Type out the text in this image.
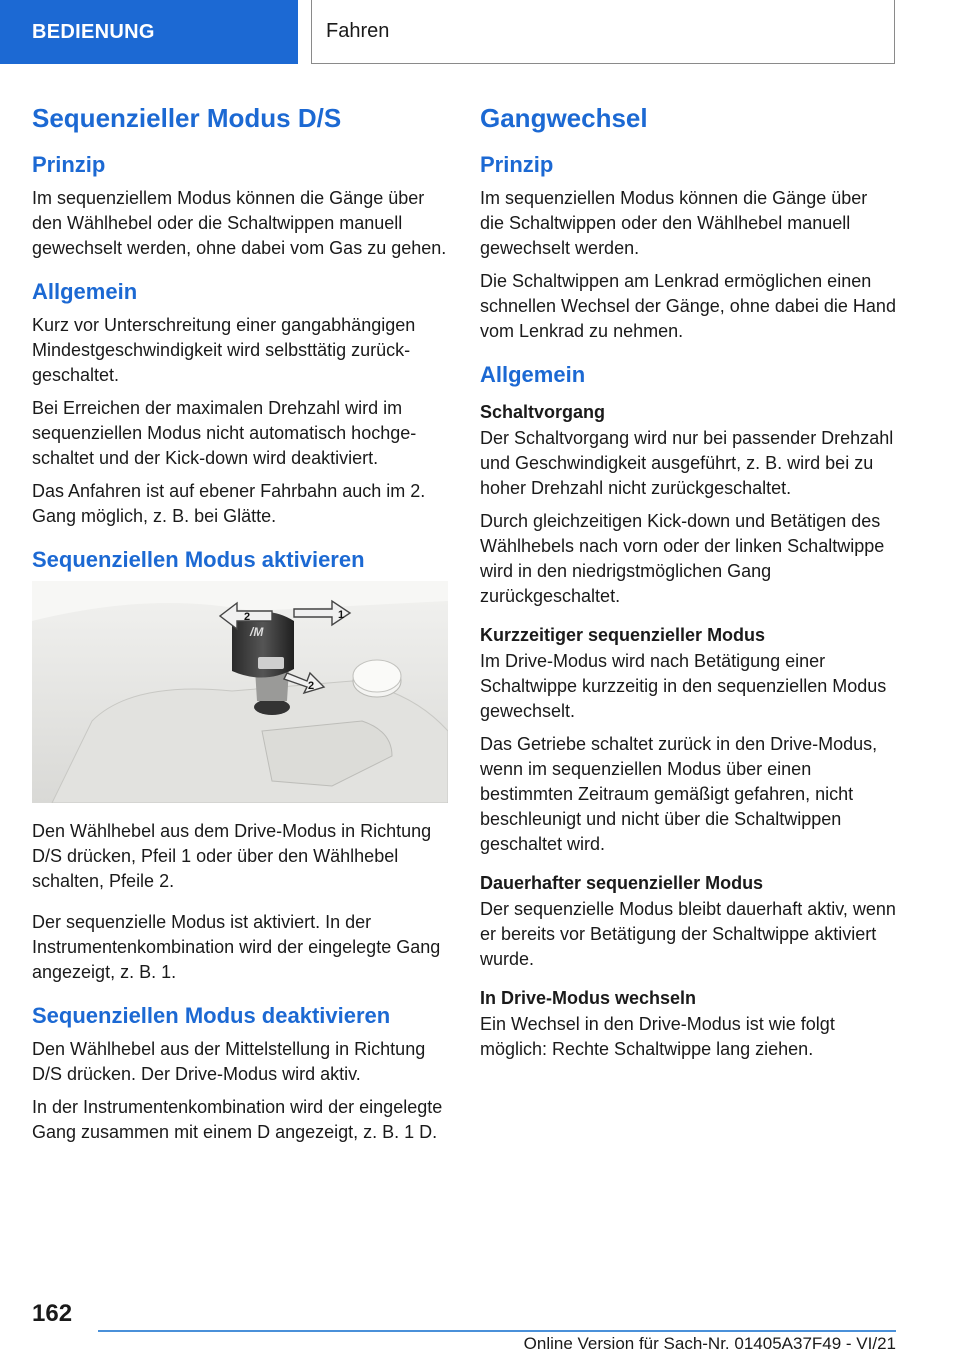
BEDIENUNG	Fahren
Sequenzieller Modus D/S
Prinzip

Im sequenziellem Modus können die Gänge über den Wählhebel oder die Schaltwippen manuell gewechselt werden, ohne dabei vom Gas zu gehen.

Allgemein

Kurz vor Unterschreitung einer gangabhängigen Mindestgeschwindigkeit wird selbsttätig zurückgeschaltet.

Bei Erreichen der maximalen Drehzahl wird im sequenziellen Modus nicht automatisch hochgeschaltet und der Kick-down wird deaktiviert.

Das Anfahren ist auf ebener Fahrbahn auch im 2. Gang möglich, z. B. bei Glätte.

Sequenziellen Modus aktivieren
/M
2	1
2

Den Wählhebel aus dem Drive-Modus in Richtung D/S drücken, Pfeil 1 oder über den Wählhebel schalten, Pfeile 2.

Der sequenzielle Modus ist aktiviert. In der Instrumentenkombination wird der eingelegte Gang angezeigt, z. B. 1.

Sequenziellen Modus deaktivieren

Den Wählhebel aus der Mittelstellung in Richtung D/S drücken. Der Drive-Modus wird aktiv.

In der Instrumentenkombination wird der eingelegte Gang zusammen mit einem D angezeigt, z. B. 1 D.

Gangwechsel
Prinzip

Im sequenziellen Modus können die Gänge über die Schaltwippen oder den Wählhebel manuell gewechselt werden.

Die Schaltwippen am Lenkrad ermöglichen einen schnellen Wechsel der Gänge, ohne dabei die Hand vom Lenkrad zu nehmen.

Allgemein
Schaltvorgang

Der Schaltvorgang wird nur bei passender Drehzahl und Geschwindigkeit ausgeführt, z. B. wird bei zu hoher Drehzahl nicht zurückgeschaltet.

Durch gleichzeitigen Kick-down und Betätigen des Wählhebels nach vorn oder der linken Schaltwippe wird in den niedrigstmöglichen Gang zurückgeschaltet.

Kurzzeitiger sequenzieller Modus

Im Drive-Modus wird nach Betätigung einer Schaltwippe kurzzeitig in den sequenziellen Modus gewechselt.

Das Getriebe schaltet zurück in den Drive-Modus, wenn im sequenziellen Modus über einen bestimmten Zeitraum gemäßigt gefahren, nicht beschleunigt und nicht über die Schaltwippen geschaltet wird.

Dauerhafter sequenzieller Modus

Der sequenzielle Modus bleibt dauerhaft aktiv, wenn er bereits vor Betätigung der Schaltwippe aktiviert wurde.

In Drive-Modus wechseln

Ein Wechsel in den Drive-Modus ist wie folgt möglich: Rechte Schaltwippe lang ziehen.

162
Online Version für Sach-Nr. 01405A37F49 - VI/21
